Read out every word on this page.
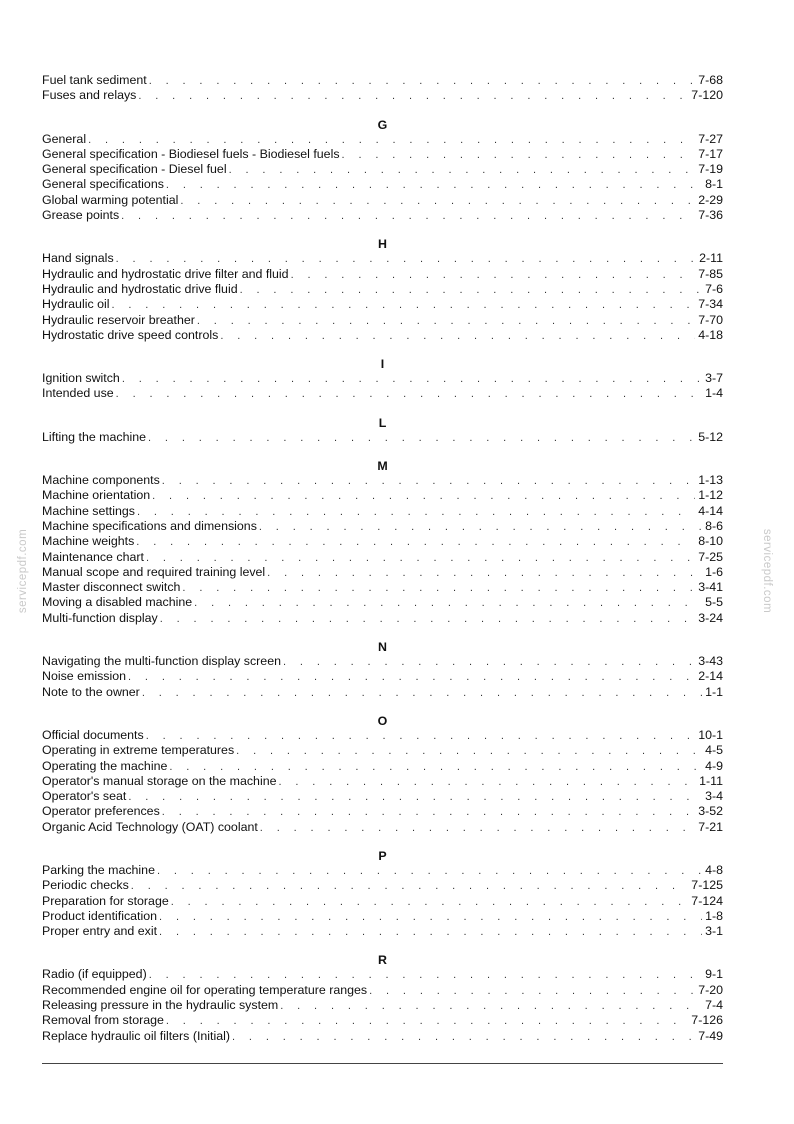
Fuel tank sediment . . .	7-68
Fuses and relays . . .	7-120
G
General . . .	7-27
General specification - Biodiesel fuels - Biodiesel fuels . . .	7-17
General specification - Diesel fuel . . .	7-19
General specifications . . .	8-1
Global warming potential . . .	2-29
Grease points . . .	7-36
H
Hand signals . . .	2-11
Hydraulic and hydrostatic drive filter and fluid . . .	7-85
Hydraulic and hydrostatic drive fluid . . .	7-6
Hydraulic oil . . .	7-34
Hydraulic reservoir breather . . .	7-70
Hydrostatic drive speed controls . . .	4-18
I
Ignition switch . . .	3-7
Intended use . . .	1-4
L
Lifting the machine . . .	5-12
M
Machine components . . .	1-13
Machine orientation . . .	1-12
Machine settings . . .	4-14
Machine specifications and dimensions . . .	8-6
Machine weights . . .	8-10
Maintenance chart . . .	7-25
Manual scope and required training level . . .	1-6
Master disconnect switch . . .	3-41
Moving a disabled machine . . .	5-5
Multi-function display . . .	3-24
N
Navigating the multi-function display screen . . .	3-43
Noise emission . . .	2-14
Note to the owner . . .	1-1
O
Official documents . . .	10-1
Operating in extreme temperatures . . .	4-5
Operating the machine . . .	4-9
Operator's manual storage on the machine . . .	1-11
Operator's seat . . .	3-4
Operator preferences . . .	3-52
Organic Acid Technology (OAT) coolant . . .	7-21
P
Parking the machine . . .	4-8
Periodic checks . . .	7-125
Preparation for storage . . .	7-124
Product identification . . .	1-8
Proper entry and exit . . .	3-1
R
Radio (if equipped) . . .	9-1
Recommended engine oil for operating temperature ranges . . .	7-20
Releasing pressure in the hydraulic system . . .	7-4
Removal from storage . . .	7-126
Replace hydraulic oil filters (Initial) . . .	7-49
servicepdf.com	servicepdf.com
